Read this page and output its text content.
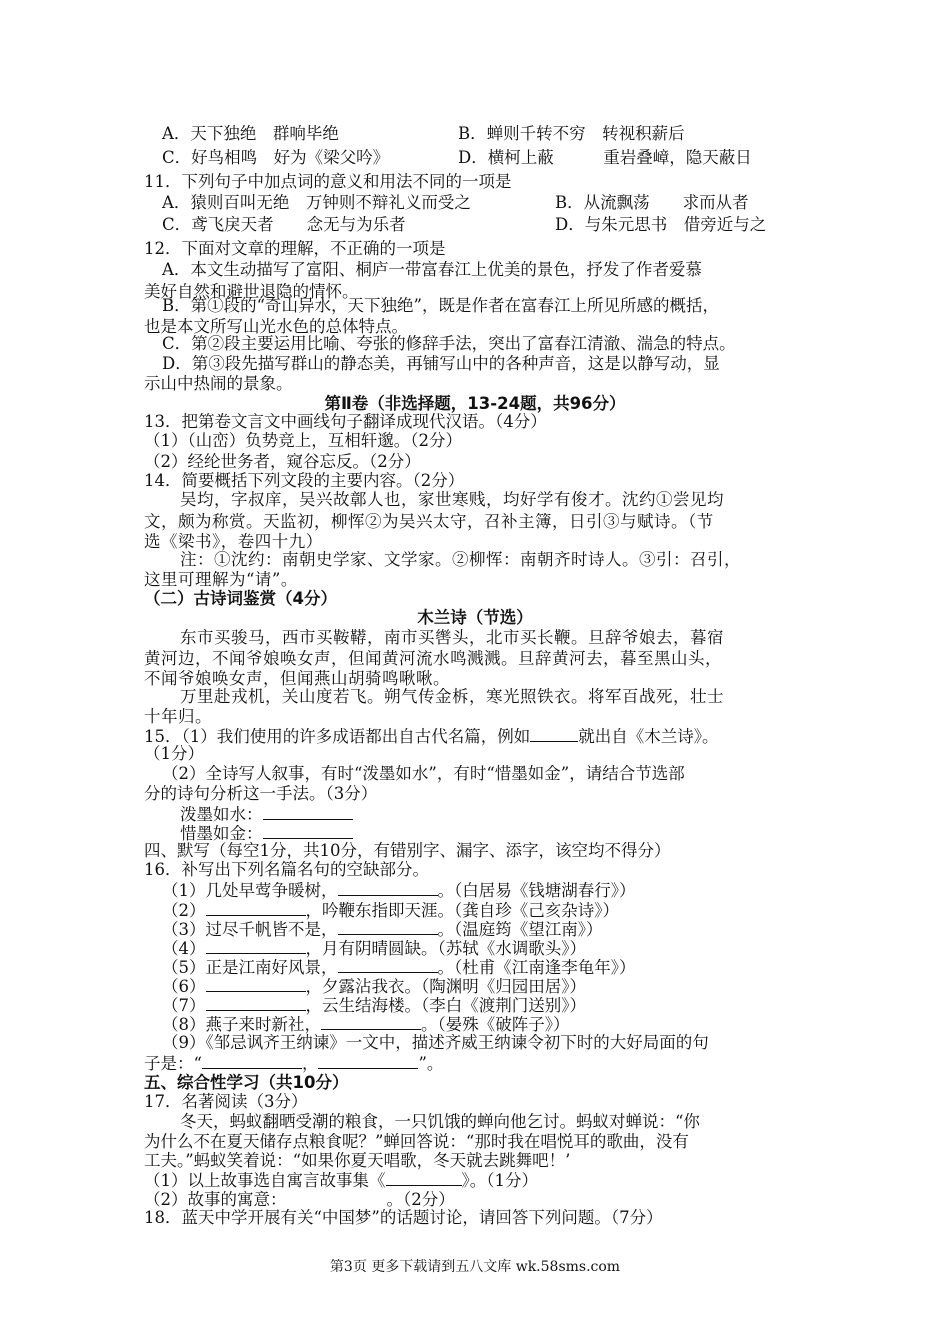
A．天下独绝　群响毕绝	B．蝉则千转不穷　转视积薪后
C．好鸟相鸣　好为《梁父吟》	D．横柯上蔽　　　重岩叠嶂，隐天蔽日
11．下列句子中加点词的意义和用法不同的一项是
A．猿则百叫无绝　万钟则不辩礼义而受之	B．从流飘荡　　求而从者
C．鸢飞戾天者　　念无与为乐者	D．与朱元思书　借旁近与之
12．下面对文章的理解，不正确的一项是
A．本文生动描写了富阳、桐庐一带富春江上优美的景色，抒发了作者爱慕
美好自然和避世退隐的情怀。
B．第①段的“奇山异水，天下独绝”，既是作者在富春江上所见所感的概括，
也是本文所写山光水色的总体特点。
C．第②段主要运用比喻、夸张的修辞手法，突出了富春江清澈、湍急的特点。
D．第③段先描写群山的静态美，再铺写山中的各种声音，这是以静写动，显
示山中热闹的景象。
第Ⅱ卷（非选择题，13-24题，共96分）
13．把第卷文言文中画线句子翻译成现代汉语。（4分）
（1）（山峦）负势竞上，互相轩邈。（2分）
（2）经纶世务者，窥谷忘反。（2分）
14．简要概括下列文段的主要内容。（2分）
吴均，字叔庠，吴兴故鄣人也，家世寒贱，均好学有俊才。沈约①尝见均
文，颇为称赏。天监初，柳恽②为吴兴太守，召补主簿，日引③与赋诗。（节
选《梁书》，卷四十九）
注：①沈约：南朝史学家、文学家。②柳恽：南朝齐时诗人。③引：召引，
这里可理解为“请”。
（二）古诗词鉴赏（4分）
木兰诗（节选）
东市买骏马，西市买鞍鞯，南市买辔头，北市买长鞭。旦辞爷娘去，暮宿
黄河边，不闻爷娘唤女声，但闻黄河流水鸣溅溅。旦辞黄河去，暮至黑山头，
不闻爷娘唤女声，但闻燕山胡骑鸣啾啾。
万里赴戎机，关山度若飞。朔气传金柝，寒光照铁衣。将军百战死，壮士
十年归。
15．（1）我们使用的许多成语都出自古代名篇，例如	就出自《木兰诗》。
（1分）
（2）全诗写人叙事，有时“泼墨如水”，有时“惜墨如金”，请结合节选部
分的诗句分析这一手法。（3分）
泼墨如水：
惜墨如金：
四、默写（每空1分，共10分，有错别字、漏字、添字，该空均不得分）
16．补写出下列名篇名句的空缺部分。
（1）几处早莺争暖树，	。（白居易《钱塘湖春行》）
（2）	，吟鞭东指即天涯。（龚自珍《己亥杂诗》）
（3）过尽千帆皆不是，	。（温庭筠《望江南》）
（4）	，月有阴晴圆缺。（苏轼《水调歌头》）
（5）正是江南好风景，	。（杜甫《江南逢李龟年》）
（6）	，夕露沾我衣。（陶渊明《归园田居》）
（7）	，云生结海楼。（李白《渡荆门送别》）
（8）燕子来时新社，	。（晏殊《破阵子》）
（9）《邹忌讽齐王纳谏》一文中，描述齐威王纳谏令初下时的大好局面的句
子是：“	，	”。
五、综合性学习（共10分）
17．名著阅读（3分）
冬天，蚂蚁翻晒受潮的粮食，一只饥饿的蝉向他乞讨。蚂蚁对蝉说：“你
为什么不在夏天储存点粮食呢？”蝉回答说：“那时我在唱悦耳的歌曲，没有
工夫。”蚂蚁笑着说：“如果你夏天唱歌，冬天就去跳舞吧！’
（1）以上故事选自寓言故事集《	》。（1分）
（2）故事的寓意：	。（2分）
18．蓝天中学开展有关“中国梦”的话题讨论，请回答下列问题。（7分）
第3页 更多下载请到五八文库 wk.58sms.com
